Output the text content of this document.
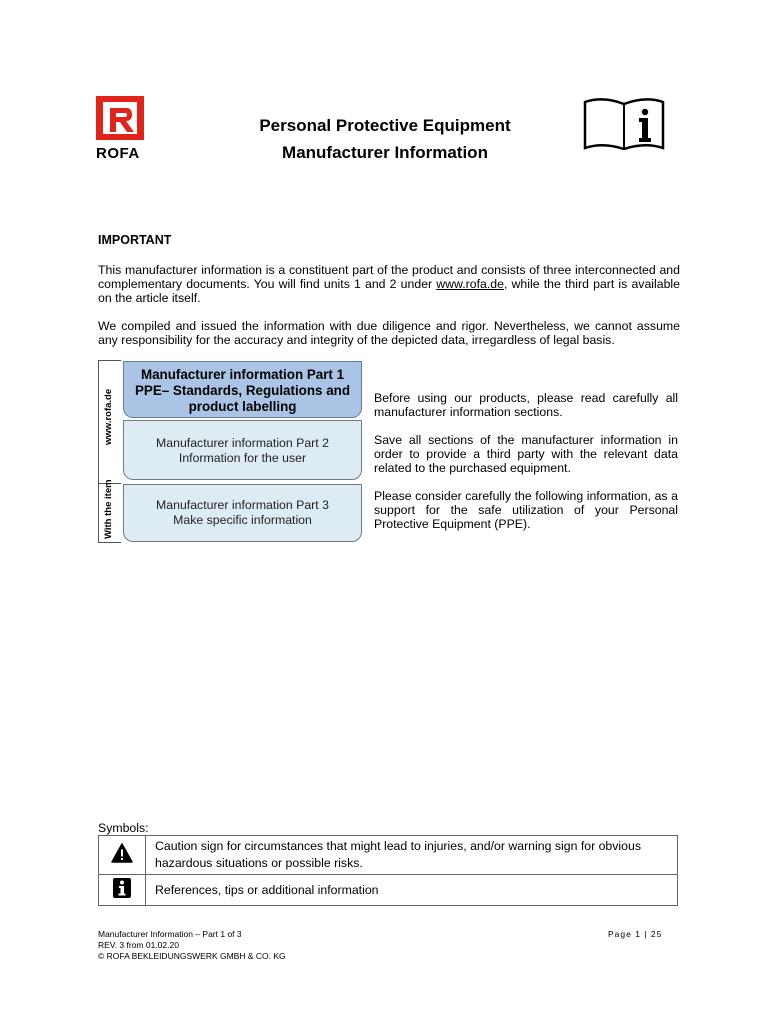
ROFA
Personal Protective Equipment
Manufacturer Information
IMPORTANT
This manufacturer information is a constituent part of the product and consists of three interconnected and complementary documents. You will find units 1 and 2 under www.rofa.de, while the third part is available on the article itself.
We compiled and issued the information with due diligence and rigor. Nevertheless, we cannot assume any responsibility for the accuracy and integrity of the depicted data, irregardless of legal basis.
www.rofa.de
With the item
Manufacturer information Part 1
PPE– Standards, Regulations and
product labelling
Manufacturer information Part 2
Information for the user
Manufacturer information Part 3
Make specific information
Before using our products, please read carefully all manufacturer information sections.
Save all sections of the manufacturer information in order to provide a third party with the relevant data related to the purchased equipment.
Please consider carefully the following information, as a support for the safe utilization of your Personal Protective Equipment (PPE).
Symbols:
	Caution sign for circumstances that might lead to injuries, and/or warning sign for obvious hazardous situations or possible risks.
	References, tips or additional information
Manufacturer Information – Part 1 of 3
REV. 3 from 01.02.20
© ROFA BEKLEIDUNGSWERK GMBH & CO. KG
Page 1 | 25
